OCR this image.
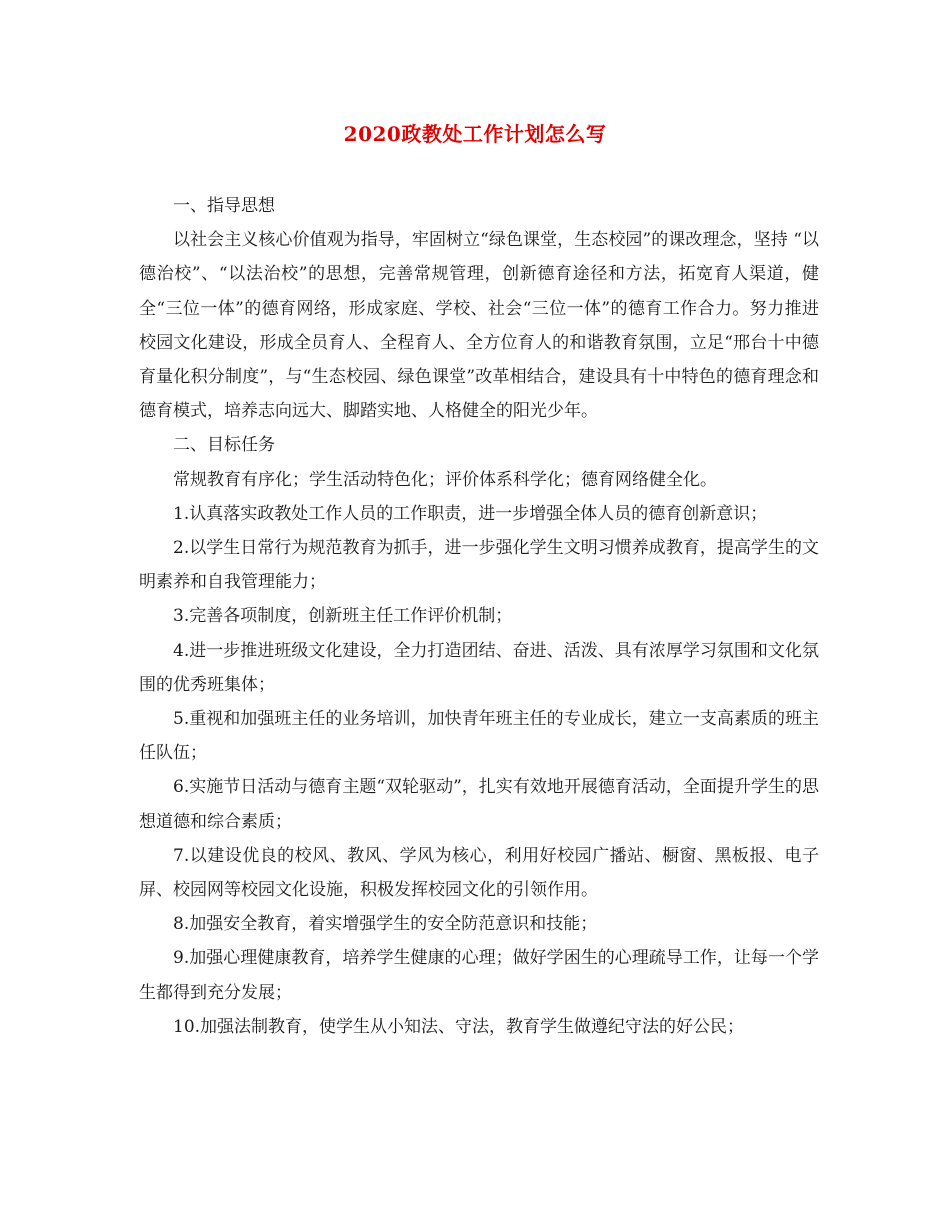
2020政教处工作计划怎么写

一、指导思想

以社会主义核心价值观为指导，牢固树立“绿色课堂，生态校园”的课改理念，坚持 “以德治校”、“以法治校”的思想，完善常规管理，创新德育途径和方法，拓宽育人渠道，健全“三位一体”的德育网络，形成家庭、学校、社会“三位一体”的德育工作合力。努力推进校园文化建设，形成全员育人、全程育人、全方位育人的和谐教育氛围，立足“邢台十中德育量化积分制度”，与“生态校园、绿色课堂”改革相结合，建设具有十中特色的德育理念和德育模式，培养志向远大、脚踏实地、人格健全的阳光少年。

二、目标任务

常规教育有序化；学生活动特色化；评价体系科学化；德育网络健全化。

1.认真落实政教处工作人员的工作职责，进一步增强全体人员的德育创新意识；

2.以学生日常行为规范教育为抓手，进一步强化学生文明习惯养成教育，提高学生的文明素养和自我管理能力；

3.完善各项制度，创新班主任工作评价机制；

4.进一步推进班级文化建设，全力打造团结、奋进、活泼、具有浓厚学习氛围和文化氛围的优秀班集体；

5.重视和加强班主任的业务培训，加快青年班主任的专业成长，建立一支高素质的班主任队伍；

6.实施节日活动与德育主题“双轮驱动”，扎实有效地开展德育活动，全面提升学生的思想道德和综合素质；

7.以建设优良的校风、教风、学风为核心，利用好校园广播站、橱窗、黑板报、电子屏、校园网等校园文化设施，积极发挥校园文化的引领作用。

8.加强安全教育，着实增强学生的安全防范意识和技能；

9.加强心理健康教育，培养学生健康的心理；做好学困生的心理疏导工作，让每一个学生都得到充分发展；

10.加强法制教育，使学生从小知法、守法，教育学生做遵纪守法的好公民；
